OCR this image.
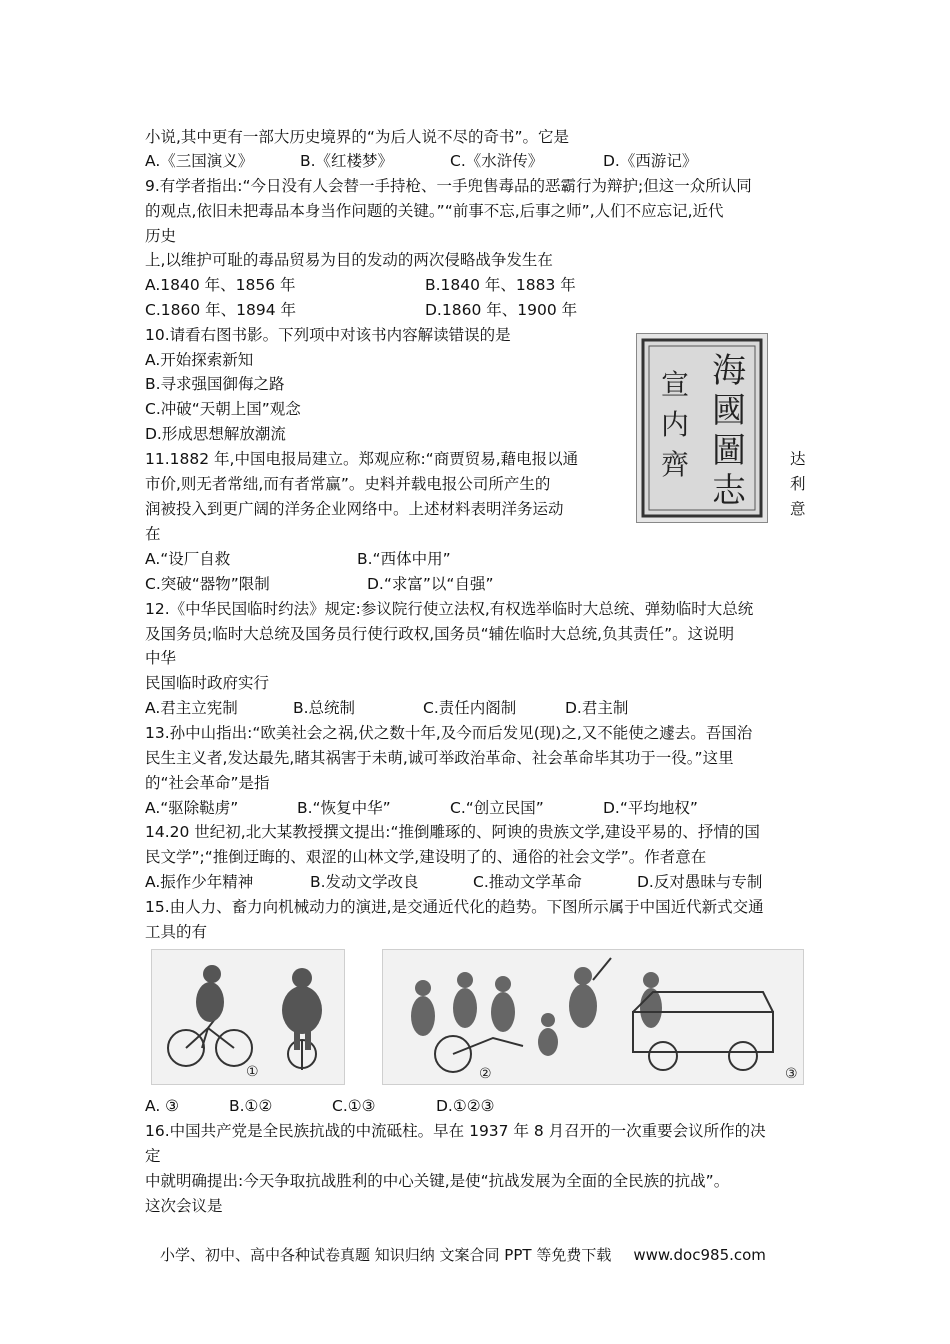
小说,其中更有一部大历史境界的“为后人说不尽的奇书”。它是
A.《三国演义》	B.《红楼梦》	C.《水浒传》	D.《西游记》
9.有学者指出:“今日没有人会替一手持枪、一手兜售毒品的恶霸行为辩护;但这一众所认同
的观点,依旧未把毒品本身当作问题的关键。”“前事不忘,后事之师”,人们不应忘记,近代
历史
上,以维护可耻的毒品贸易为目的发动的两次侵略战争发生在
A.1840 年、1856 年	B.1840 年、1883 年
C.1860 年、1894 年	D.1860 年、1900 年
10.请看右图书影。下列项中对该书内容解读错误的是
A.开始探索新知
B.寻求强国御侮之路
C.冲破“天朝上国”观念
D.形成思想解放潮流
海
國
圖
志
宣
内
齊
11.1882 年,中国电报局建立。郑观应称:“商贾贸易,藉电报以通
市价,则无者常绌,而有者常赢”。史料并载电报公司所产生的
润被投入到更广阔的洋务企业网络中。上述材料表明洋务运动
在
达
利
意
A.“设厂自救	B.“西体中用”
C.突破“器物”限制	D.“求富”以“自强”
12.《中华民国临时约法》规定:参议院行使立法权,有权选举临时大总统、弹劾临时大总统
及国务员;临时大总统及国务员行使行政权,国务员“辅佐临时大总统,负其责任”。这说明
中华
民国临时政府实行
A.君主立宪制	B.总统制	C.责任内阁制	D.君主制
13.孙中山指出:“欧美社会之祸,伏之数十年,及今而后发见(现)之,又不能使之遽去。吾国治
民生主义者,发达最先,睹其祸害于未萌,诚可举政治革命、社会革命毕其功于一役。”这里
的“社会革命”是指
A.“驱除鞑虏”	B.“恢复中华”	C.“创立民国”	D.“平均地权”
14.20 世纪初,北大某教授撰文提出:“推倒雕琢的、阿谀的贵族文学,建设平易的、抒情的国
民文学”;“推倒迂晦的、艰涩的山林文学,建设明了的、通俗的社会文学”。作者意在
A.振作少年精神	B.发动文学改良	C.推动文学革命	D.反对愚昧与专制
15.由人力、畜力向机械动力的演进,是交通近代化的趋势。下图所示属于中国近代新式交通
工具的有
①	②	③
A. ③	B.①②	C.①③	D.①②③
16.中国共产党是全民族抗战的中流砥柱。早在 1937 年 8 月召开的一次重要会议所作的决
定
中就明确提出:今天争取抗战胜利的中心关键,是使“抗战发展为全面的全民族的抗战”。
这次会议是
小学、初中、高中各种试卷真题 知识归纳 文案合同 PPT 等免费下载 www.doc985.com
